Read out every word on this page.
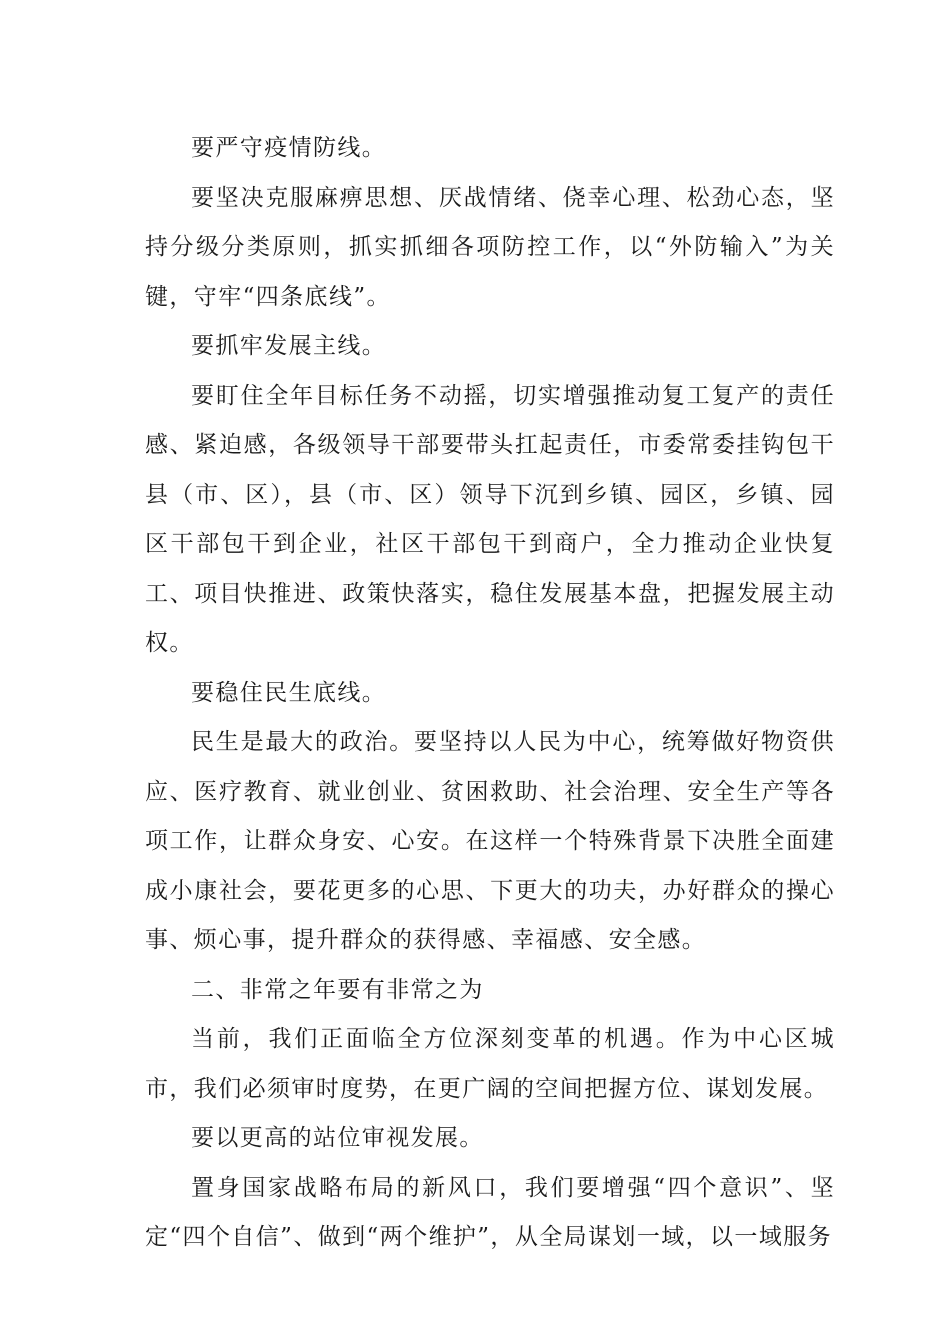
要严守疫情防线。

要坚决克服麻痹思想、厌战情绪、侥幸心理、松劲心态，坚持分级分类原则，抓实抓细各项防控工作，以“外防输入”为关键，守牢“四条底线”。

要抓牢发展主线。

要盯住全年目标任务不动摇，切实增强推动复工复产的责任感、紧迫感，各级领导干部要带头扛起责任，市委常委挂钩包干县（市、区），县（市、区）领导下沉到乡镇、园区，乡镇、园区干部包干到企业，社区干部包干到商户，全力推动企业快复工、项目快推进、政策快落实，稳住发展基本盘，把握发展主动权。

要稳住民生底线。

民生是最大的政治。要坚持以人民为中心，统筹做好物资供应、医疗教育、就业创业、贫困救助、社会治理、安全生产等各项工作，让群众身安、心安。在这样一个特殊背景下决胜全面建成小康社会，要花更多的心思、下更大的功夫，办好群众的操心事、烦心事，提升群众的获得感、幸福感、安全感。

二、非常之年要有非常之为

当前，我们正面临全方位深刻变革的机遇。作为中心区城市，我们必须审时度势，在更广阔的空间把握方位、谋划发展。

要以更高的站位审视发展。

置身国家战略布局的新风口，我们要增强“四个意识”、坚定“四个自信”、做到“两个维护”，从全局谋划一域，以一域服务
